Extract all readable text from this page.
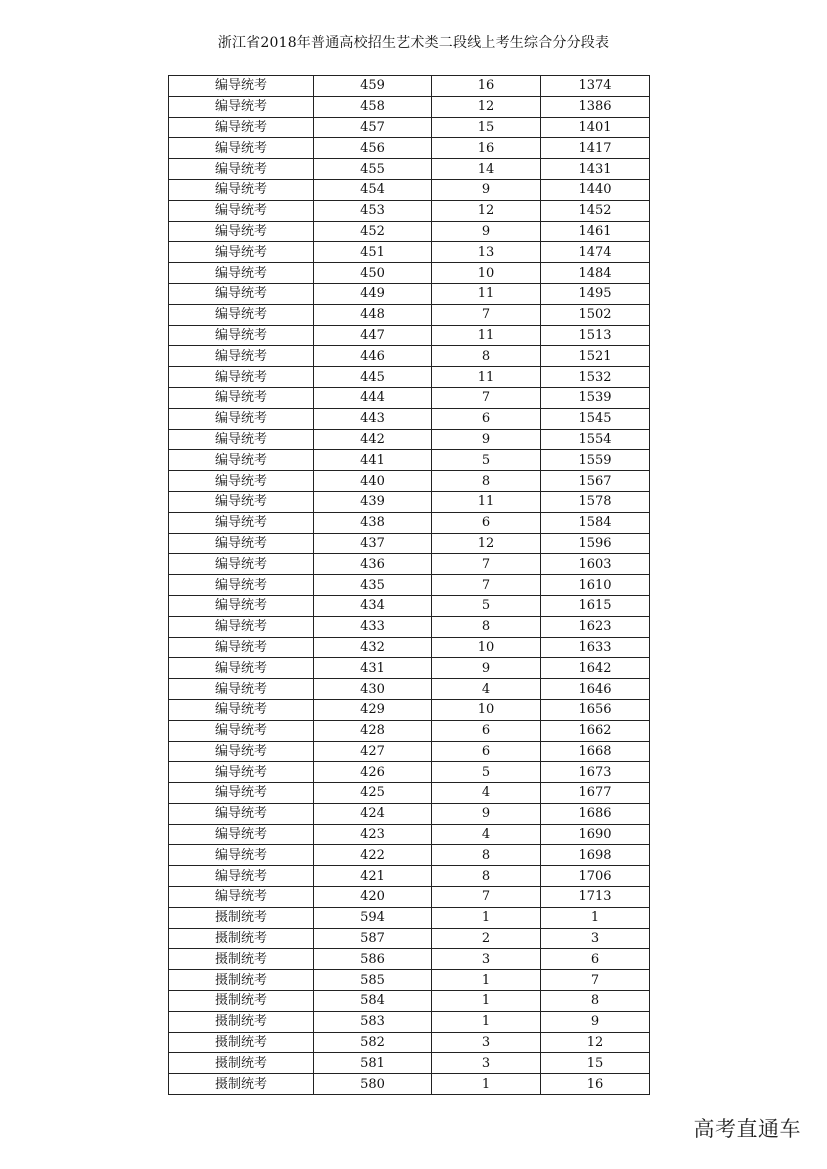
浙江省2018年普通高校招生艺术类二段线上考生综合分分段表
编导统考	459	16	1374
编导统考	458	12	1386
编导统考	457	15	1401
编导统考	456	16	1417
编导统考	455	14	1431
编导统考	454	9	1440
编导统考	453	12	1452
编导统考	452	9	1461
编导统考	451	13	1474
编导统考	450	10	1484
编导统考	449	11	1495
编导统考	448	7	1502
编导统考	447	11	1513
编导统考	446	8	1521
编导统考	445	11	1532
编导统考	444	7	1539
编导统考	443	6	1545
编导统考	442	9	1554
编导统考	441	5	1559
编导统考	440	8	1567
编导统考	439	11	1578
编导统考	438	6	1584
编导统考	437	12	1596
编导统考	436	7	1603
编导统考	435	7	1610
编导统考	434	5	1615
编导统考	433	8	1623
编导统考	432	10	1633
编导统考	431	9	1642
编导统考	430	4	1646
编导统考	429	10	1656
编导统考	428	6	1662
编导统考	427	6	1668
编导统考	426	5	1673
编导统考	425	4	1677
编导统考	424	9	1686
编导统考	423	4	1690
编导统考	422	8	1698
编导统考	421	8	1706
编导统考	420	7	1713
摄制统考	594	1	1
摄制统考	587	2	3
摄制统考	586	3	6
摄制统考	585	1	7
摄制统考	584	1	8
摄制统考	583	1	9
摄制统考	582	3	12
摄制统考	581	3	15
摄制统考	580	1	16
高考直通车
